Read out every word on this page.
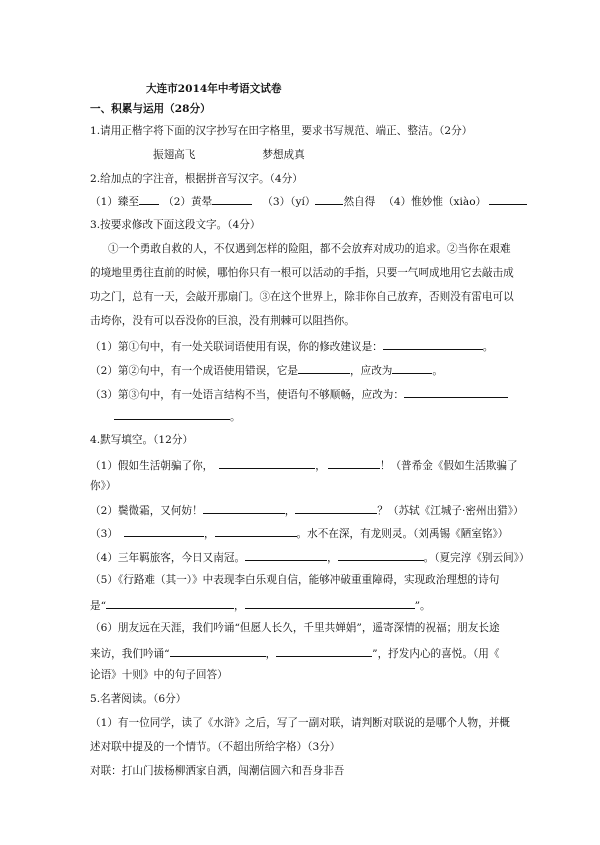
大连市2014年中考语文试卷
一、积累与运用（28分）
1.请用正楷字将下面的汉字抄写在田字格里，要求书写规范、端正、整洁。（2分）
振翅高飞	梦想成真
2.给加点的字注音，根据拼音写汉字。（4分）
（1）臻至 （2）黄晕	（3）（yí）	然自得 （4）惟妙惟（xiào）
3.按要求修改下面这段文字。（4分）
①一个勇敢自救的人，不仅遇到怎样的险阻，都不会放弃对成功的追求。②当你在艰难
的境地里勇往直前的时候，哪怕你只有一根可以活动的手指，只要一气呵成地用它去敲击成
功之门，总有一天，会敲开那扇门。③在这个世界上，除非你自己放弃，否则没有雷电可以
击垮你，没有可以吞没你的巨浪，没有荆棘可以阻挡你。
（1）第①句中，有一处关联词语使用有误，你的修改建议是：	。
（2）第②句中，有一个成语使用错误，它是	，应改为	。
（3）第③句中，有一处语言结构不当，使语句不够顺畅，应改为：
。
4.默写填空。（12分）
（1）假如生活朝骗了你，	，	！（普希金《假如生活欺骗了
你》）
（2）鬓微霜，又何妨！	，	？（苏轼《江城子·密州出猎》）
（3）	，	。水不在深，有龙则灵。（刘禹锡《陋室铭》）
（4）三年羁旅客，今日又南冠。	，	。（夏完淳《别云间》）
（5）《行路难（其一）》中表现李白乐观自信，能够冲破重重障碍，实现政治理想的诗句
是“	，	”。
（6）朋友远在天涯，我们吟诵“但愿人长久，千里共婵娟”，遥寄深情的祝福；朋友长途
来访，我们吟诵“	，	”，抒发内心的喜悦。（用《
论语》十则》中的句子回答）
5.名著阅读。（6分）
（1）有一位同学，读了《水浒》之后，写了一副对联，请判断对联说的是哪个人物，并概
述对联中提及的一个情节。（不超出所给字格）（3分）
对联：打山门拔杨柳洒家自洒，闯潮信圆六和吾身非吾
